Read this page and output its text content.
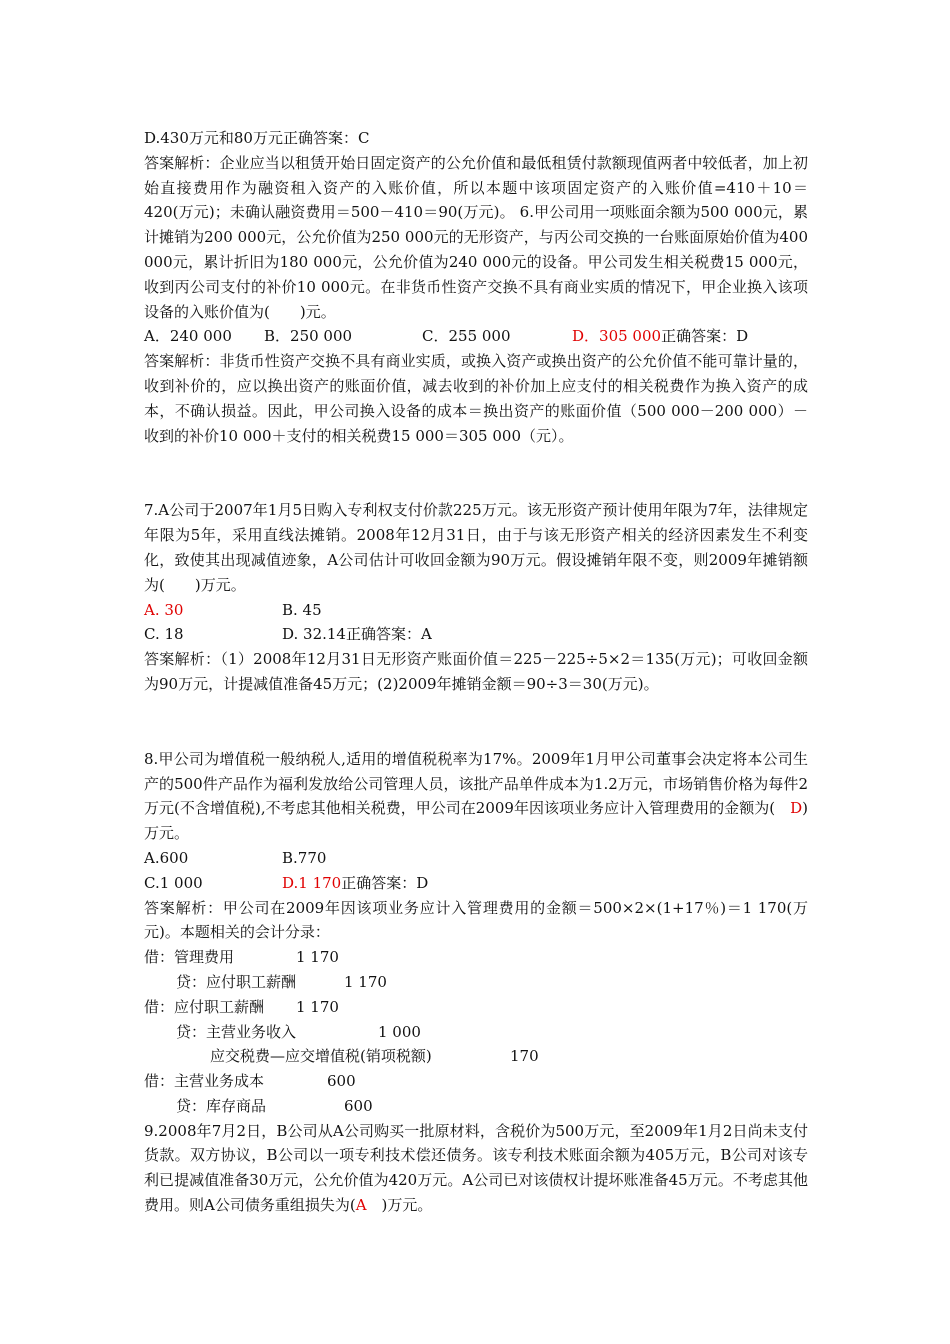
D.430万元和80万元正确答案：C

答案解析：企业应当以租赁开始日固定资产的公允价值和最低租赁付款额现值两者中较低者，加上初始直接费用作为融资租入资产的入账价值，所以本题中该项固定资产的入账价值=410＋10＝420(万元)；未确认融资费用＝500－410＝90(万元)。 6.甲公司用一项账面余额为500 000元，累计摊销为200 000元，公允价值为250 000元的无形资产，与丙公司交换的一台账面原始价值为400 000元，累计折旧为180 000元，公允价值为240 000元的设备。甲公司发生相关税费15 000元，收到丙公司支付的补价10 000元。在非货币性资产交换不具有商业实质的情况下，甲企业换入该项设备的入账价值为(　　)元。

A．240 000	B．250 000	C．255 000	D．305 000 正确答案：D

答案解析：非货币性资产交换不具有商业实质，或换入资产或换出资产的公允价值不能可靠计量的，收到补价的，应以换出资产的账面价值，减去收到的补价加上应支付的相关税费作为换入资产的成本，不确认损益。因此，甲公司换入设备的成本＝换出资产的账面价值（500 000－200 000）－收到的补价10 000＋支付的相关税费15 000＝305 000（元）。

7.A公司于2007年1月5日购入专利权支付价款225万元。该无形资产预计使用年限为7年，法律规定年限为5年，采用直线法摊销。2008年12月31日，由于与该无形资产相关的经济因素发生不利变化，致使其出现减值迹象，A公司估计可收回金额为90万元。假设摊销年限不变，则2009年摊销额为(　　)万元。

A. 30	B. 45
C. 18	D. 32.14 正确答案：A

答案解析：（1）2008年12月31日无形资产账面价值＝225－225÷5×2＝135(万元)；可收回金额为90万元，计提减值准备45万元；(2)2009年摊销金额＝90÷3＝30(万元)。

8.甲公司为增值税一般纳税人,适用的增值税税率为17%。2009年1月甲公司董事会决定将本公司生产的500件产品作为福利发放给公司管理人员，该批产品单件成本为1.2万元，市场销售价格为每件2万元(不含增值税),不考虑其他相关税费，甲公司在2009年因该项业务应计入管理费用的金额为(　D)万元。

A.600	B.770
C.1 000	D.1 170 正确答案：D

答案解析：甲公司在2009年因该项业务应计入管理费用的金额＝500×2×(1+17％)＝1 170(万元)。本题相关的会计分录：

借：管理费用	1 170
贷：应付职工薪酬	1 170
借：应付职工薪酬	1 170
贷：主营业务收入	1 000
应交税费—应交增值税(销项税额)	170
借：主营业务成本	600
贷：库存商品	600

9.2008年7月2日，B公司从A公司购买一批原材料，含税价为500万元，至2009年1月2日尚未支付货款。双方协议，B公司以一项专利技术偿还债务。该专利技术账面余额为405万元，B公司对该专利已提减值准备30万元，公允价值为420万元。A公司已对该债权计提坏账准备45万元。不考虑其他费用。则A公司债务重组损失为(A　)万元。
